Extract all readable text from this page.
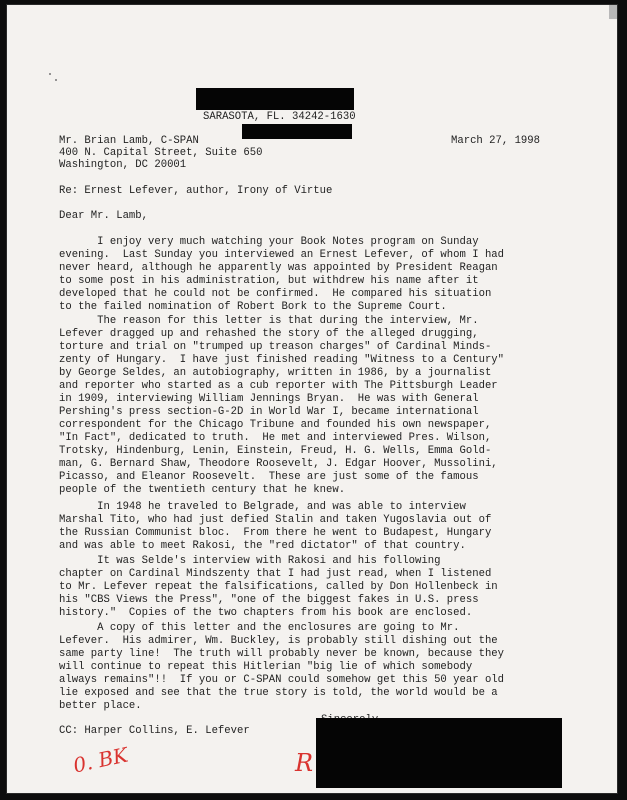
SARASOTA, FL. 34242-1630

Mr. Brian Lamb, C-SPAN	March 27, 1998

400 N. Capital Street, Suite 650

Washington, DC 20001

Re: Ernest Lefever, author, Irony of Virtue

Dear Mr. Lamb,

I enjoy very much watching your Book Notes program on Sunday
evening.  Last Sunday you interviewed an Ernest Lefever, of whom I had
never heard, although he apparently was appointed by President Reagan
to some post in his administration, but withdrew his name after it
developed that he could not be confirmed.  He compared his situation
to the failed nomination of Robert Bork to the Supreme Court.

The reason for this letter is that during the interview, Mr.
Lefever dragged up and rehashed the story of the alleged drugging,
torture and trial on "trumped up treason charges" of Cardinal Minds-
zenty of Hungary.  I have just finished reading "Witness to a Century"
by George Seldes, an autobiography, written in 1986, by a journalist
and reporter who started as a cub reporter with The Pittsburgh Leader
in 1909, interviewing William Jennings Bryan.  He was with General
Pershing's press section-G-2D in World War I, became international
correspondent for the Chicago Tribune and founded his own newspaper,
"In Fact", dedicated to truth.  He met and interviewed Pres. Wilson,
Trotsky, Hindenburg, Lenin, Einstein, Freud, H. G. Wells, Emma Gold-
man, G. Bernard Shaw, Theodore Roosevelt, J. Edgar Hoover, Mussolini,
Picasso, and Eleanor Roosevelt.  These are just some of the famous
people of the twentieth century that he knew.

In 1948 he traveled to Belgrade, and was able to interview
Marshal Tito, who had just defied Stalin and taken Yugoslavia out of
the Russian Communist bloc.  From there he went to Budapest, Hungary
and was able to meet Rakosi, the "red dictator" of that country.

It was Selde's interview with Rakosi and his following
chapter on Cardinal Mindszenty that I had just read, when I listened
to Mr. Lefever repeat the falsifications, called by Don Hollenbeck in
his "CBS Views the Press", "one of the biggest fakes in U.S. press
history."  Copies of the two chapters from his book are enclosed.

A copy of this letter and the enclosures are going to Mr.
Lefever.  His admirer, Wm. Buckley, is probably still dishing out the
same party line!  The truth will probably never be known, because they
will continue to repeat this Hitlerian "big lie of which somebody
always remains"!!  If you or C-SPAN could somehow get this 50 year old
lie exposed and see that the true story is told, the world would be a
better place.

CC: Harper Collins, E. Lefever

0. BK	R
